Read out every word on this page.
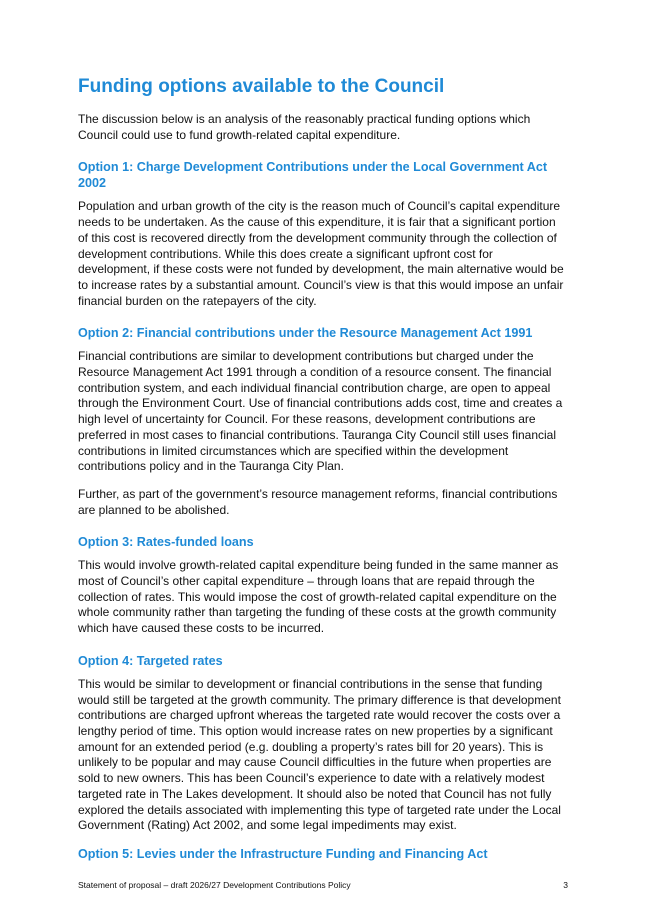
Funding options available to the Council

The discussion below is an analysis of the reasonably practical funding options which Council could use to fund growth-related capital expenditure.

Option 1: Charge Development Contributions under the Local Government Act 2002

Population and urban growth of the city is the reason much of Council’s capital expenditure needs to be undertaken. As the cause of this expenditure, it is fair that a significant portion of this cost is recovered directly from the development community through the collection of development contributions. While this does create a significant upfront cost for development, if these costs were not funded by development, the main alternative would be to increase rates by a substantial amount. Council’s view is that this would impose an unfair financial burden on the ratepayers of the city.

Option 2: Financial contributions under the Resource Management Act 1991

Financial contributions are similar to development contributions but charged under the Resource Management Act 1991 through a condition of a resource consent. The financial contribution system, and each individual financial contribution charge, are open to appeal through the Environment Court. Use of financial contributions adds cost, time and creates a high level of uncertainty for Council. For these reasons, development contributions are preferred in most cases to financial contributions. Tauranga City Council still uses financial contributions in limited circumstances which are specified within the development contributions policy and in the Tauranga City Plan.

Further, as part of the government’s resource management reforms, financial contributions are planned to be abolished.

Option 3: Rates-funded loans

This would involve growth-related capital expenditure being funded in the same manner as most of Council’s other capital expenditure – through loans that are repaid through the collection of rates. This would impose the cost of growth-related capital expenditure on the whole community rather than targeting the funding of these costs at the growth community which have caused these costs to be incurred.

Option 4: Targeted rates

This would be similar to development or financial contributions in the sense that funding would still be targeted at the growth community. The primary difference is that development contributions are charged upfront whereas the targeted rate would recover the costs over a lengthy period of time. This option would increase rates on new properties by a significant amount for an extended period (e.g. doubling a property’s rates bill for 20 years). This is unlikely to be popular and may cause Council difficulties in the future when properties are sold to new owners. This has been Council’s experience to date with a relatively modest targeted rate in The Lakes development. It should also be noted that Council has not fully explored the details associated with implementing this type of targeted rate under the Local Government (Rating) Act 2002, and some legal impediments may exist.

Option 5: Levies under the Infrastructure Funding and Financing Act
Statement of proposal – draft 2026/27 Development Contributions Policy	3
